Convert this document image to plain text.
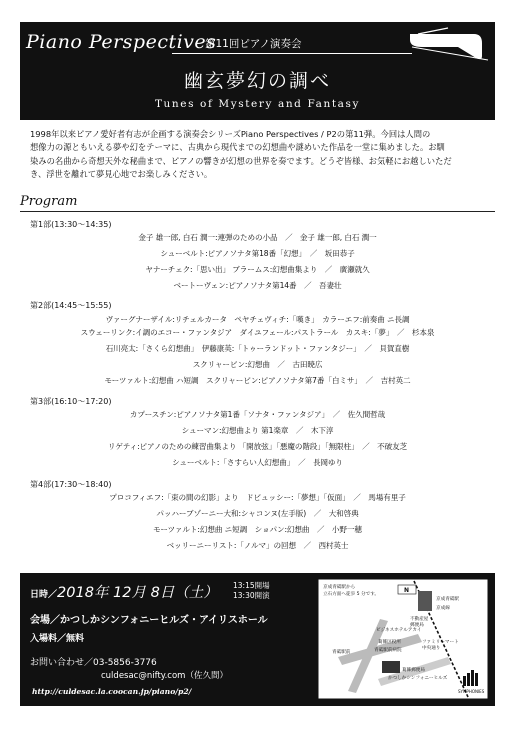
Piano Perspectives
第11回ピアノ演奏会
幽玄夢幻の調べ
Tunes of Mystery and Fantasy
1998年以来ピアノ愛好者有志が企画する演奏会シリーズPiano Perspectives / P2の第11弾。今回は人間の
想像力の源ともいえる夢や幻をテーマに、古典から現代までの幻想曲や謎めいた作品を一堂に集めました。お馴
染みの名曲から奇想天外な秘曲まで、ピアノの響きが幻想の世界を奏でます。どうぞ皆様、お気軽にお越しいただ
き、浮世を離れて夢見心地でお楽しみください。
Program
第1部(13:30〜14:35)
金子 雄一郎, 白石 潤一:連弾のための小品　／　金子 雄一郎, 白石 潤一
シューベルト:ピアノソナタ第18番「幻想」　／　坂田恭子
ヤナーチェク:「思い出」 ブラームス:幻想曲集より　／　廣瀬就久
ベートーヴェン:ピアノソナタ第14番　／　吾妻壮
第2部(14:45〜15:55)
ヴァーグナーザイル:リチェルカータ　ペヤチェヴィチ:「嘆き」　カラーエフ:前奏曲 ニ長調
スウェーリンク:イ調のエコー・ファンタジア　ダイユフェール:パストラール　カスキ:「夢」　／　杉本泉
石川亮太:「さくら幻想曲」　伊藤康英:「トゥーランドット・ファンタジー」　／　貝賀直樹
スクリャービン:幻想曲　／　古田暁広
モーツァルト:幻想曲 ハ短調　スクリャービン:ピアノソナタ第7番「白ミサ」　／　吉村英二
第3部(16:10〜17:20)
カプースチン:ピアノソナタ第1番「ソナタ・ファンタジア」　／　佐久間哲哉
シューマン:幻想曲より 第1楽章　／　木下淳
リゲティ:ピアノのための練習曲集より 「開放弦」「悪魔の階段」「無限柱」　／　不破友芝
シューベルト:「さすらい人幻想曲」　／　長岡ゆり
第4部(17:30〜18:40)
プロコフィエフ:「束の間の幻影」より　ドビュッシー:「夢想」「仮面」　／　馬場有里子
パッハーブゾーニー大和:シャコンヌ(左手版)　／　大和啓典
モーツァルト:幻想曲 ニ短調　ショパン:幻想曲　／　小野一穂
ベッリーニーリスト:「ノルマ」の回想　／　西村英士
日時／2018年 12月 8日（土） 13:15開場
13:30開演
会場／かつしかシンフォニーヒルズ・アイリスホール
入場料／無料
お問い合わせ／03-5856-3776
culdesac@nifty.com（佐久間）
http://culdesac.la.coocan.jp/piano/p2/
京成青砥駅から
立石方面へ徒歩 5 分です。
N
京成青砥駅
京成線
青砥駅前
不動産屋
郵便局
ビジネスホテルアカイ
ファミリーマート
中央通り
青砥駅前病院
葛飾郵便局
かつしかシンフォニーヒルズ
葛飾区役所
SYMPHONIES
